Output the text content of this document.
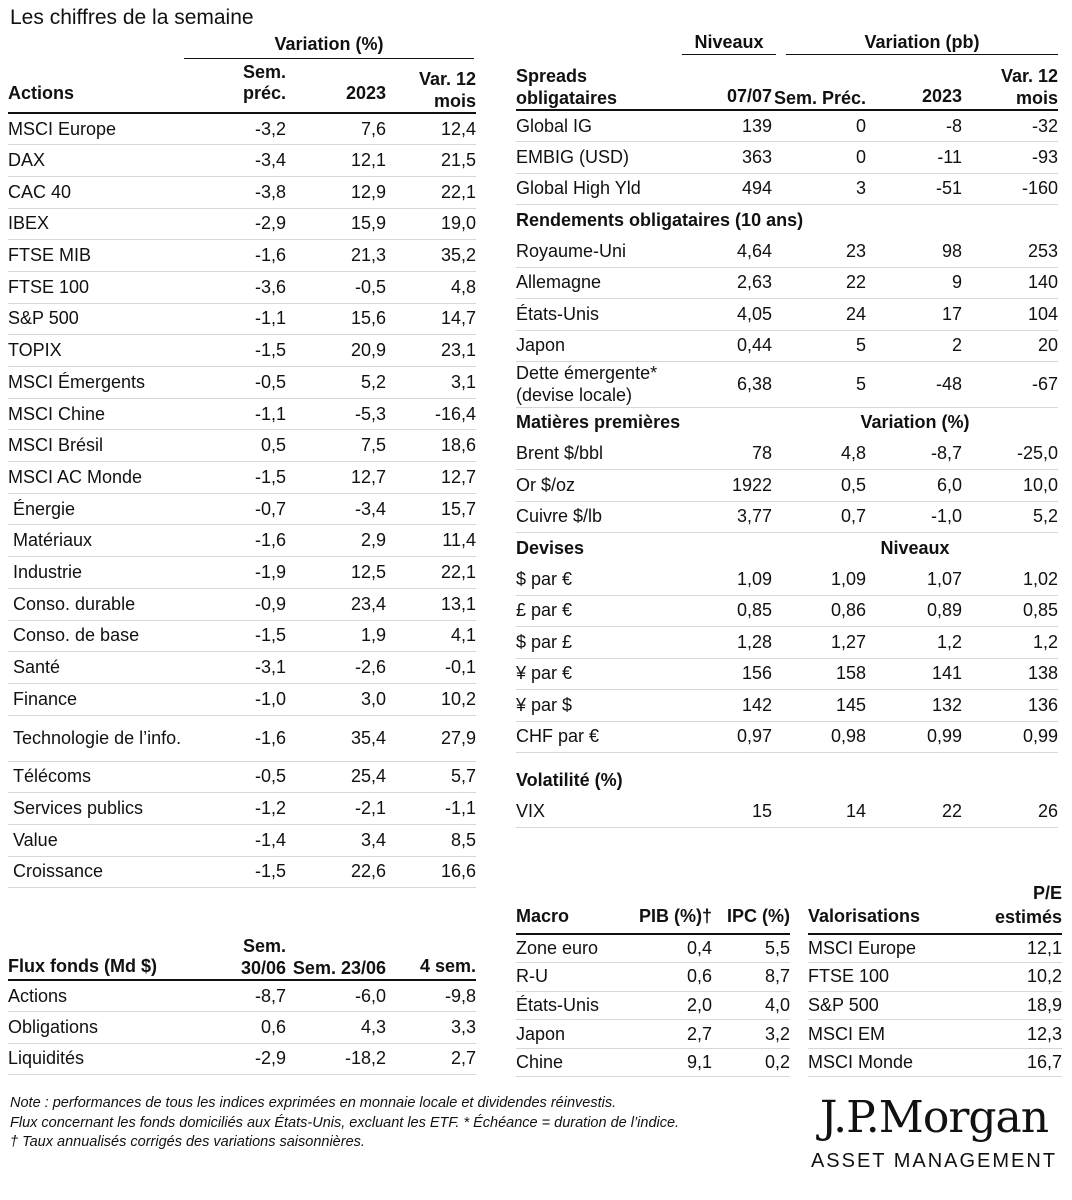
Les chiffres de la semaine
Variation (%)
Actions	Sem. préc.	2023	Var. 12 mois
MSCI Europe	-3,2	7,6	12,4
DAX	-3,4	12,1	21,5
CAC 40	-3,8	12,9	22,1
IBEX	-2,9	15,9	19,0
FTSE MIB	-1,6	21,3	35,2
FTSE 100	-3,6	-0,5	4,8
S&P 500	-1,1	15,6	14,7
TOPIX	-1,5	20,9	23,1
MSCI Émergents	-0,5	5,2	3,1
MSCI Chine	-1,1	-5,3	-16,4
MSCI Brésil	0,5	7,5	18,6
MSCI AC Monde	-1,5	12,7	12,7
Énergie	-0,7	-3,4	15,7
Matériaux	-1,6	2,9	11,4
Industrie	-1,9	12,5	22,1
Conso. durable	-0,9	23,4	13,1
Conso. de base	-1,5	1,9	4,1
Santé	-3,1	-2,6	-0,1
Finance	-1,0	3,0	10,2
Technologie de l’info.	-1,6	35,4	27,9
Télécoms	-0,5	25,4	5,7
Services publics	-1,2	-2,1	-1,1
Value	-1,4	3,4	8,5
Croissance	-1,5	22,6	16,6
Flux fonds (Md $)	Sem. 30/06	Sem. 23/06	4 sem.
Actions	-8,7	-6,0	-9,8
Obligations	0,6	4,3	3,3
Liquidités	-2,9	-18,2	2,7
Niveaux	Variation (pb)
Spreads obligataires	07/07	Sem. Préc.	2023	Var. 12 mois
Global IG	139	0	-8	-32
EMBIG (USD)	363	0	-11	-93
Global High Yld	494	3	-51	-160
Rendements obligataires (10 ans)				
Royaume-Uni	4,64	23	98	253
Allemagne	2,63	22	9	140
États-Unis	4,05	24	17	104
Japon	0,44	5	2	20
Dette émergente* (devise locale)	6,38	5	-48	-67
Matières premières		Variation (%)		
Brent $/bbl	78	4,8	-8,7	-25,0
Or $/oz	1922	0,5	6,0	10,0
Cuivre $/lb	3,77	0,7	-1,0	5,2
Devises		Niveaux		
$ par €	1,09	1,09	1,07	1,02
£ par €	0,85	0,86	0,89	0,85
$ par £	1,28	1,27	1,2	1,2
¥ par €	156	158	141	138
¥ par $	142	145	132	136
CHF par €	0,97	0,98	0,99	0,99

Volatilité (%)				
VIX	15	14	22	26
Macro	PIB (%)†	IPC (%)
Zone euro	0,4	5,5
R-U	0,6	8,7
États-Unis	2,0	4,0
Japon	2,7	3,2
Chine	9,1	0,2
Valorisations	P/E estimés
MSCI Europe	12,1
FTSE 100	10,2
S&P 500	18,9
MSCI EM	12,3
MSCI Monde	16,7
Note : performances de tous les indices exprimées en monnaie locale et dividendes réinvestis.
Flux concernant les fonds domiciliés aux États-Unis, excluant les ETF. * Échéance = duration de l’indice.
† Taux annualisés corrigés des variations saisonnières.	J.P.Morgan
ASSET MANAGEMENT
